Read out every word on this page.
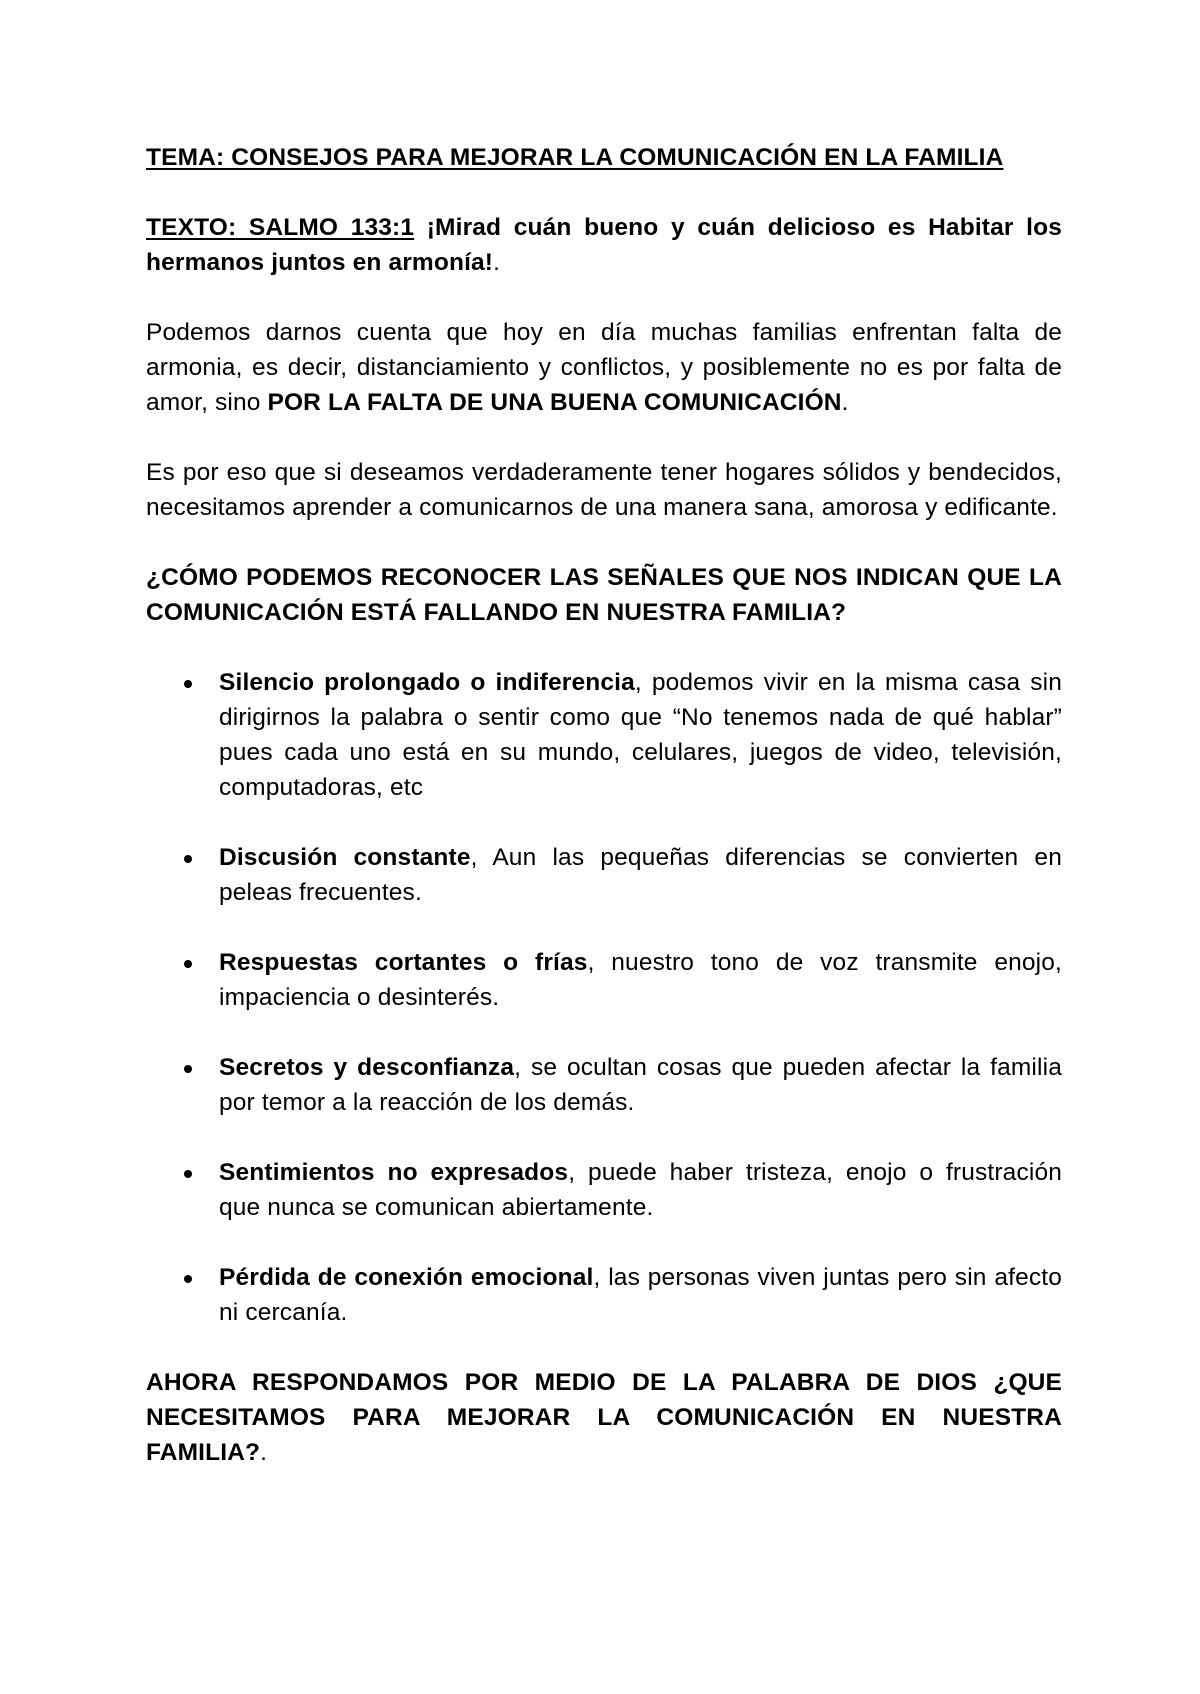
TEMA: CONSEJOS PARA MEJORAR LA COMUNICACIÓN EN LA FAMILIA

TEXTO: SALMO 133:1 ¡Mirad cuán bueno y cuán delicioso es Habitar los hermanos juntos en armonía!.

Podemos darnos cuenta que hoy en día muchas familias enfrentan falta de armonia, es decir, distanciamiento y conflictos, y posiblemente no es por falta de amor, sino POR LA FALTA DE UNA BUENA COMUNICACIÓN.

Es por eso que si deseamos verdaderamente tener hogares sólidos y bendecidos, necesitamos aprender a comunicarnos de una manera sana, amorosa y edificante.

¿CÓMO PODEMOS RECONOCER LAS SEÑALES QUE NOS INDICAN QUE LA COMUNICACIÓN ESTÁ FALLANDO EN NUESTRA FAMILIA?

Silencio prolongado o indiferencia, podemos vivir en la misma casa sin dirigirnos la palabra o sentir como que “No tenemos nada de qué hablar” pues cada uno está en su mundo, celulares, juegos de video, televisión, computadoras, etc
Discusión constante, Aun las pequeñas diferencias se convierten en peleas frecuentes.
Respuestas cortantes o frías, nuestro tono de voz transmite enojo, impaciencia o desinterés.
Secretos y desconfianza, se ocultan cosas que pueden afectar la familia por temor a la reacción de los demás.
Sentimientos no expresados, puede haber tristeza, enojo o frustración que nunca se comunican abiertamente.
Pérdida de conexión emocional, las personas viven juntas pero sin afecto ni cercanía.

AHORA RESPONDAMOS POR MEDIO DE LA PALABRA DE DIOS ¿QUE NECESITAMOS PARA MEJORAR LA COMUNICACIÓN EN NUESTRA FAMILIA?.
